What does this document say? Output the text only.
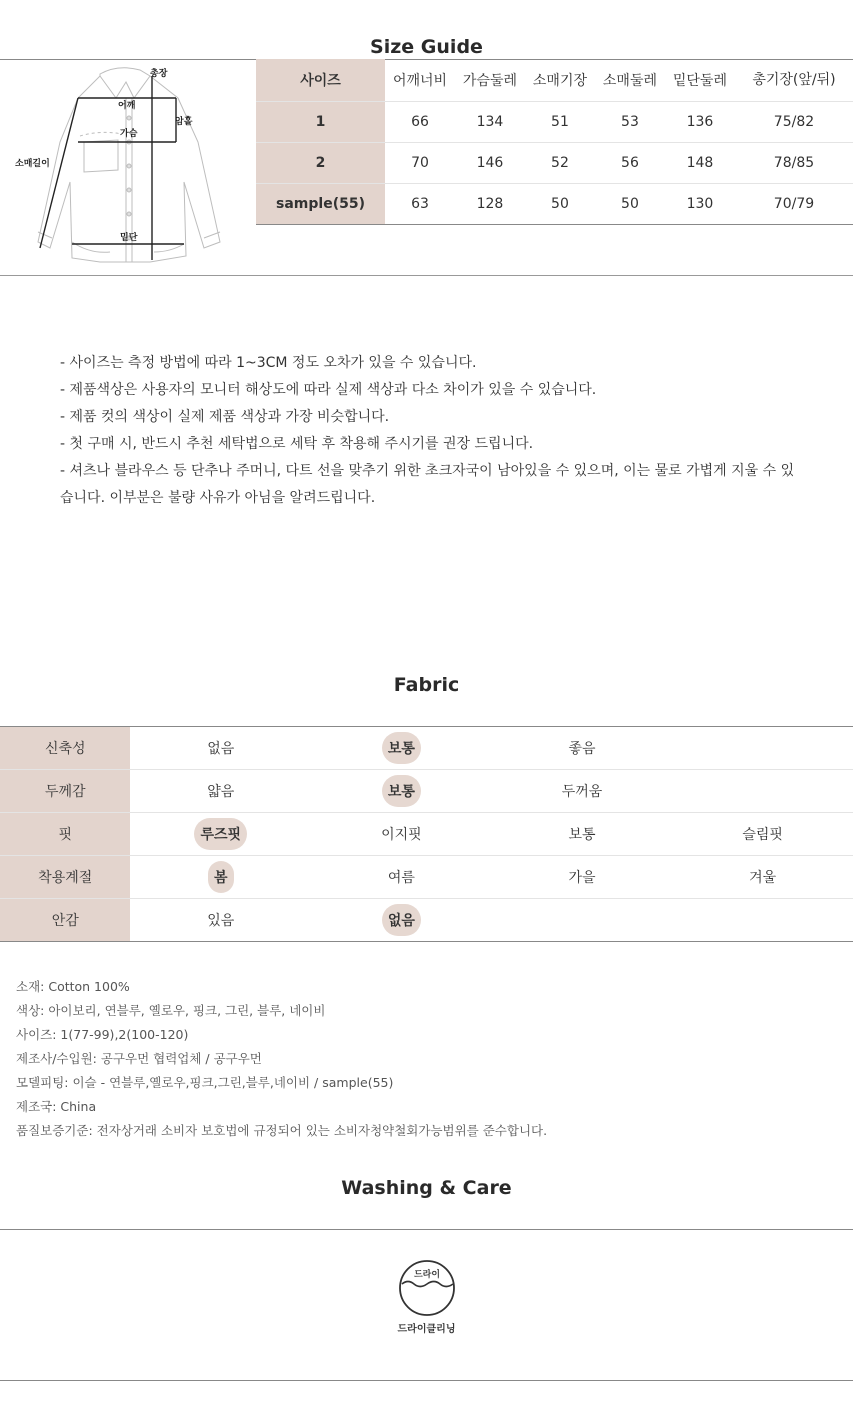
Size Guide
총장
어깨
암홀
가슴
소매길이
밑단
사이즈	어깨너비	가슴둘레	소매기장	소매둘레	밑단둘레	총기장(앞/뒤)
1	66	134	51	53	136	75/82
2	70	146	52	56	148	78/85
sample(55)	63	128	50	50	130	70/79

- 사이즈는 측정 방법에 따라 1~3CM 정도 오차가 있을 수 있습니다.

- 제품색상은 사용자의 모니터 해상도에 따라 실제 색상과 다소 차이가 있을 수 있습니다.

- 제품 컷의 색상이 실제 제품 색상과 가장 비슷합니다.

- 첫 구매 시, 반드시 추천 세탁법으로 세탁 후 착용해 주시기를 권장 드립니다.

- 셔츠나 블라우스 등 단추나 주머니, 다트 선을 맞추기 위한 초크자국이 남아있을 수 있으며, 이는 물로 가볍게 지울 수 있습니다. 이부분은 불량 사유가 아님을 알려드립니다.

Fabric
신축성	없음	보통	좋음	
두께감	얇음	보통	두꺼움	
핏	루즈핏	이지핏	보통	슬림핏
착용계절	봄	여름	가을	겨울
안감	있음	없음		

소재: Cotton 100%

색상: 아이보리, 연블루, 옐로우, 핑크, 그린, 블루, 네이비

사이즈: 1(77-99),2(100-120)

제조사/수입원: 공구우먼 협력업체 / 공구우먼

모델피팅: 이슬 - 연블루,옐로우,핑크,그린,블루,네이비 / sample(55)

제조국: China

품질보증기준: 전자상거래 소비자 보호법에 규정되어 있는 소비자청약철회가능범위를 준수합니다.

Washing & Care
드라이
드라이클리닝
